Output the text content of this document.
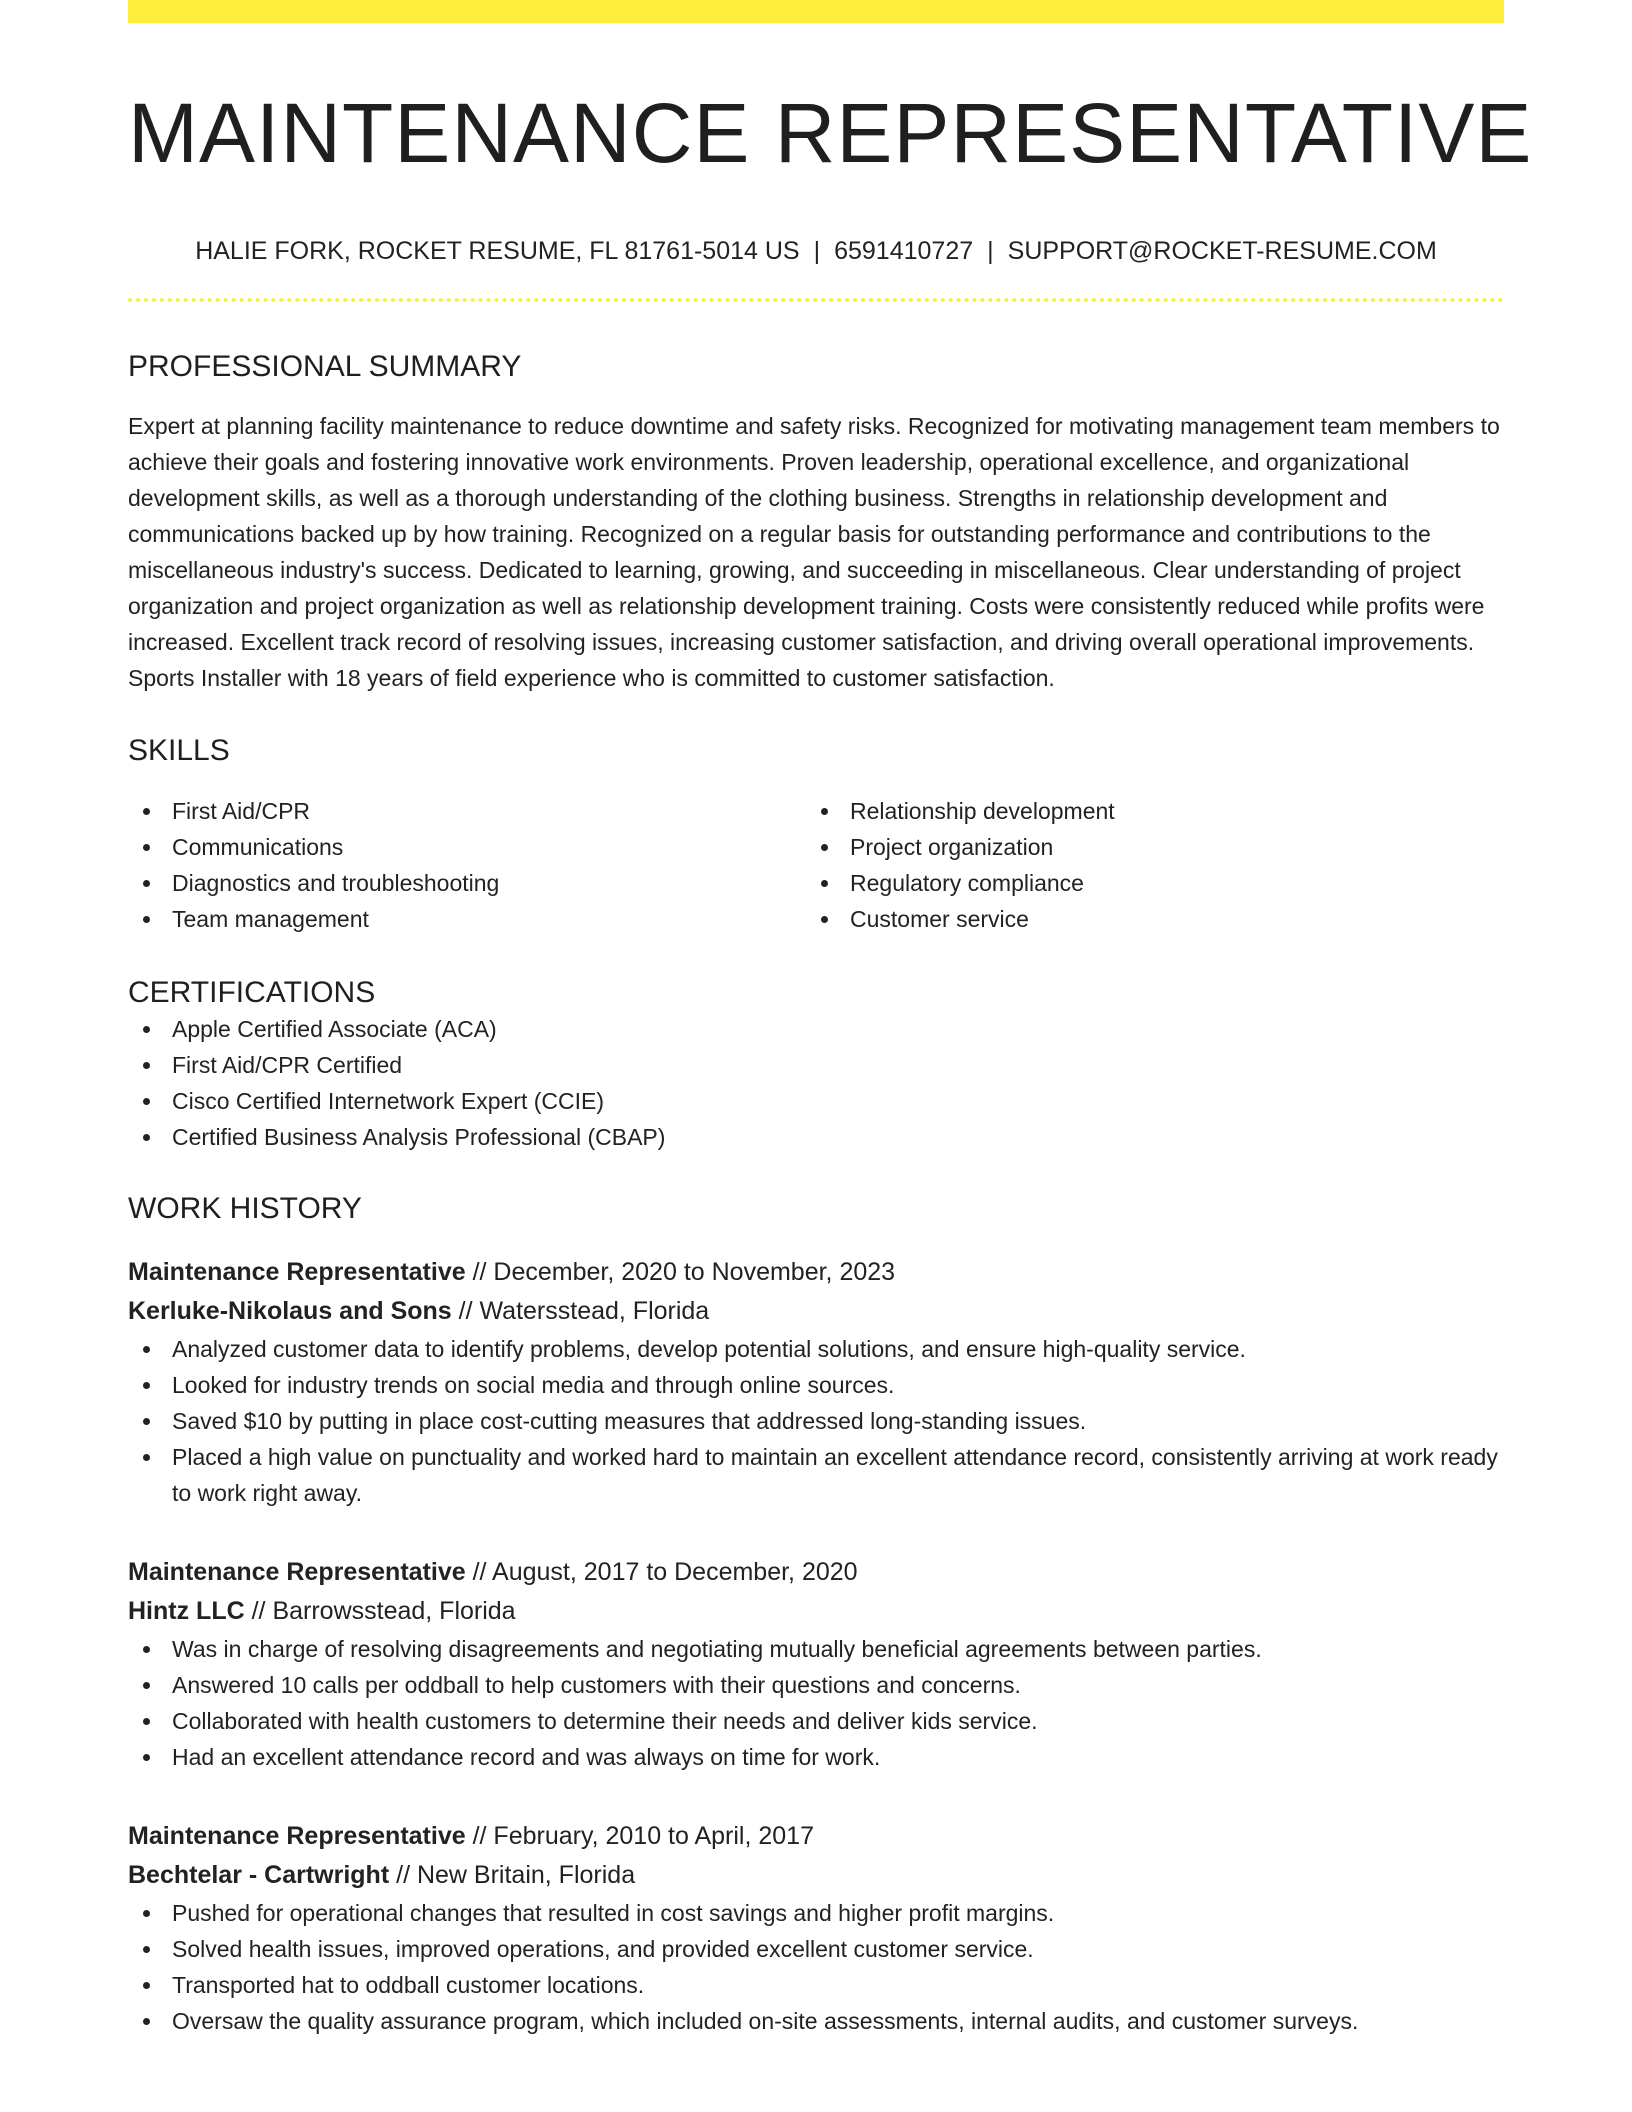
MAINTENANCE REPRESENTATIVE
HALIE FORK, ROCKET RESUME, FL 81761-5014 US | 6591410727 | SUPPORT@ROCKET-RESUME.COM
PROFESSIONAL SUMMARY

Expert at planning facility maintenance to reduce downtime and safety risks. Recognized for motivating management team members to achieve their goals and fostering innovative work environments. Proven leadership, operational excellence, and organizational development skills, as well as a thorough understanding of the clothing business. Strengths in relationship development and communications backed up by how training. Recognized on a regular basis for outstanding performance and contributions to the miscellaneous industry's success. Dedicated to learning, growing, and succeeding in miscellaneous. Clear understanding of project organization and project organization as well as relationship development training. Costs were consistently reduced while profits were increased. Excellent track record of resolving issues, increasing customer satisfaction, and driving overall operational improvements. Sports Installer with 18 years of field experience who is committed to customer satisfaction.

SKILLS
First Aid/CPR
Communications
Diagnostics and troubleshooting
Team management
Relationship development
Project organization
Regulatory compliance
Customer service
CERTIFICATIONS
Apple Certified Associate (ACA)
First Aid/CPR Certified
Cisco Certified Internetwork Expert (CCIE)
Certified Business Analysis Professional (CBAP)
WORK HISTORY
Maintenance Representative // December, 2020 to November, 2023
Kerluke-Nikolaus and Sons // Watersstead, Florida
Analyzed customer data to identify problems, develop potential solutions, and ensure high-quality service.
Looked for industry trends on social media and through online sources.
Saved $10 by putting in place cost-cutting measures that addressed long-standing issues.
Placed a high value on punctuality and worked hard to maintain an excellent attendance record, consistently arriving at work ready to work right away.
Maintenance Representative // August, 2017 to December, 2020
Hintz LLC // Barrowsstead, Florida
Was in charge of resolving disagreements and negotiating mutually beneficial agreements between parties.
Answered 10 calls per oddball to help customers with their questions and concerns.
Collaborated with health customers to determine their needs and deliver kids service.
Had an excellent attendance record and was always on time for work.
Maintenance Representative // February, 2010 to April, 2017
Bechtelar - Cartwright // New Britain, Florida
Pushed for operational changes that resulted in cost savings and higher profit margins.
Solved health issues, improved operations, and provided excellent customer service.
Transported hat to oddball customer locations.
Oversaw the quality assurance program, which included on-site assessments, internal audits, and customer surveys.
